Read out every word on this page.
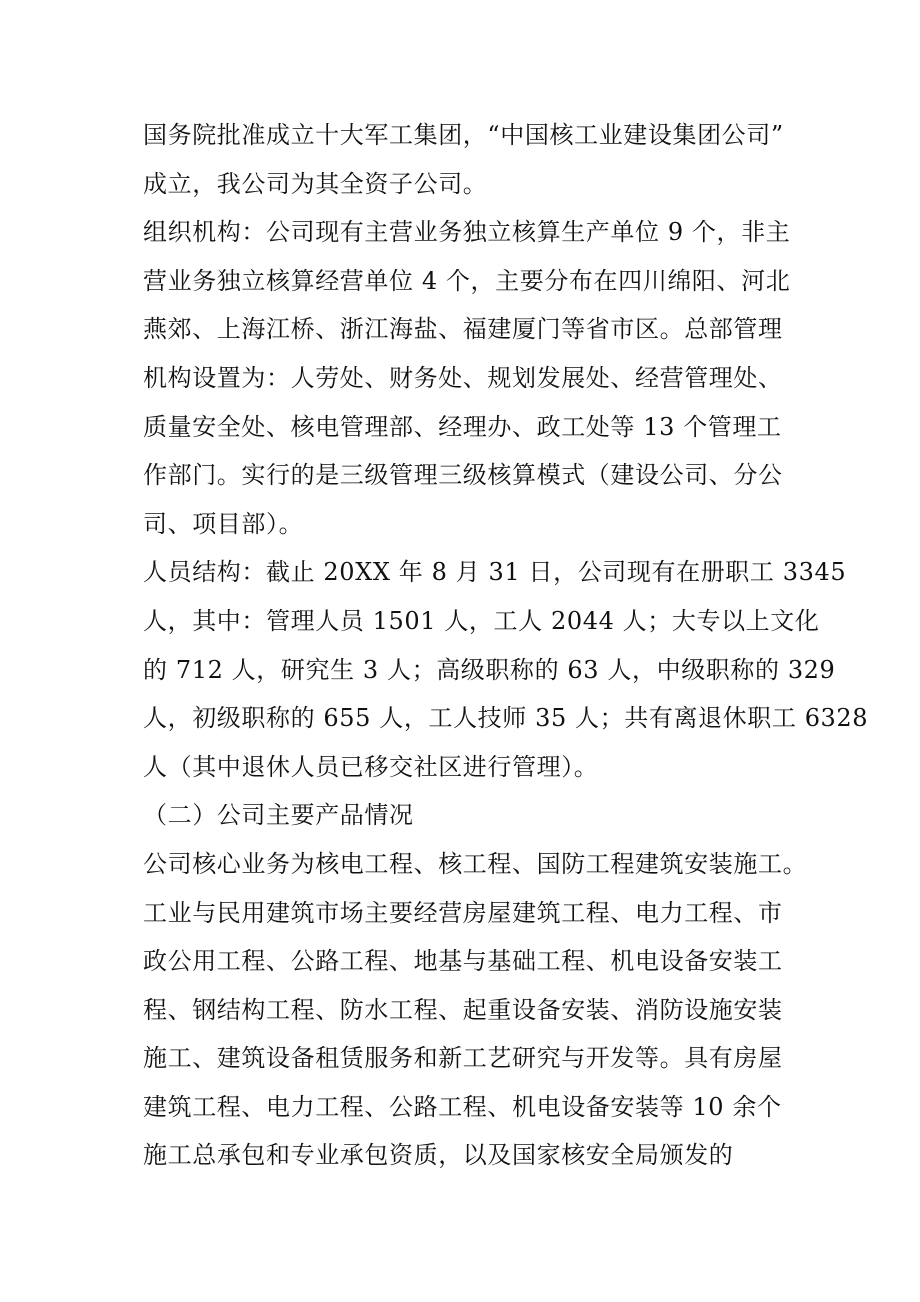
国务院批准成立十大军工集团，“中国核工业建设集团公司”
成立，我公司为其全资子公司。
组织机构：公司现有主营业务独立核算生产单位 9 个，非主
营业务独立核算经营单位 4 个，主要分布在四川绵阳、河北
燕郊、上海江桥、浙江海盐、福建厦门等省市区。总部管理
机构设置为：人劳处、财务处、规划发展处、经营管理处、
质量安全处、核电管理部、经理办、政工处等 13 个管理工
作部门。实行的是三级管理三级核算模式（建设公司、分公
司、项目部）。
人员结构：截止 20XX 年 8 月 31 日，公司现有在册职工 3345
人，其中：管理人员 1501 人，工人 2044 人；大专以上文化
的 712 人，研究生 3 人；高级职称的 63 人，中级职称的 329
人，初级职称的 655 人，工人技师 35 人；共有离退休职工 6328
人（其中退休人员已移交社区进行管理）。
（二）公司主要产品情况
公司核心业务为核电工程、核工程、国防工程建筑安装施工。
工业与民用建筑市场主要经营房屋建筑工程、电力工程、市
政公用工程、公路工程、地基与基础工程、机电设备安装工
程、钢结构工程、防水工程、起重设备安装、消防设施安装
施工、建筑设备租赁服务和新工艺研究与开发等。具有房屋
建筑工程、电力工程、公路工程、机电设备安装等 10 余个
施工总承包和专业承包资质，以及国家核安全局颁发的
